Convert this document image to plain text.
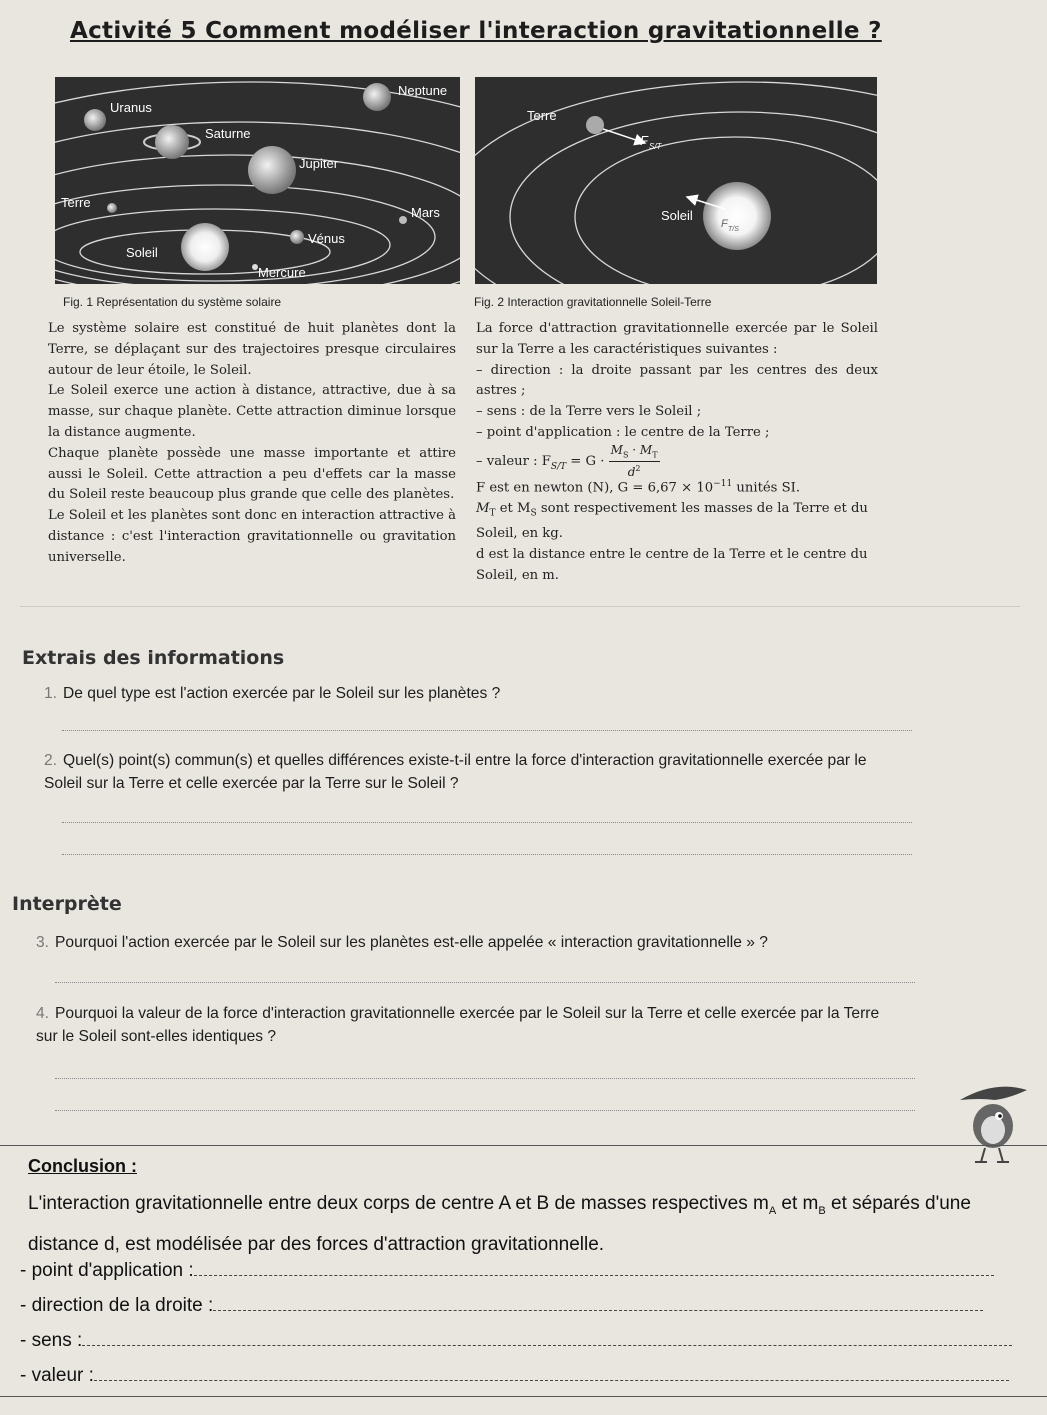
Activité 5 Comment modéliser l'interaction gravitationnelle ?
Neptune
Uranus
Saturne
Jupiter
Terre
Mars
Vénus
Soleil
Mercure
Fig. 1 Représentation du système solaire
Terre
F S/T
Soleil
F T/S
Fig. 2 Interaction gravitationnelle Soleil-Terre

Le système solaire est constitué de huit planètes dont la Terre, se déplaçant sur des trajectoires presque circulaires autour de leur étoile, le Soleil.

Le Soleil exerce une action à distance, attractive, due à sa masse, sur chaque planète. Cette attraction diminue lorsque la distance augmente.

Chaque planète possède une masse importante et attire aussi le Soleil. Cette attraction a peu d'effets car la masse du Soleil reste beaucoup plus grande que celle des planètes.

Le Soleil et les planètes sont donc en interaction attractive à distance : c'est l'interaction gravitationnelle ou gravitation universelle.

La force d'attraction gravitationnelle exercée par le Soleil sur la Terre a les caractéristiques suivantes :

– direction : la droite passant par les centres des deux astres ;

– sens : de la Terre vers le Soleil ;

– point d'application : le centre de la Terre ;

– valeur : $F_{S/T} = G \cdot \frac{M_S \cdot M_T}{d^2}$

F est en newton (N), $G = 6,67 \times 10^{-11}$ unités SI.

$M_T$ et $M_S$ sont respectivement les masses de la Terre et du Soleil, en kg.

d est la distance entre le centre de la Terre et le centre du Soleil, en m.

Extrais des informations
1. De quel type est l'action exercée par le Soleil sur les planètes ?
2. Quel(s) point(s) commun(s) et quelles différences existe-t-il entre la force d'interaction gravitationnelle exercée par le Soleil sur la Terre et celle exercée par la Terre sur le Soleil ?
Interprète
3. Pourquoi l'action exercée par le Soleil sur les planètes est-elle appelée « interaction gravitationnelle » ?
4. Pourquoi la valeur de la force d'interaction gravitationnelle exercée par le Soleil sur la Terre et celle exercée par la Terre sur le Soleil sont-elles identiques ?
Conclusion :
L'interaction gravitationnelle entre deux corps de centre A et B de masses respectives $m_A$ et $m_B$ et séparés d'une distance d, est modélisée par des forces d'attraction gravitationnelle.
- point d'application :
- direction de la droite :
- sens :
- valeur :
